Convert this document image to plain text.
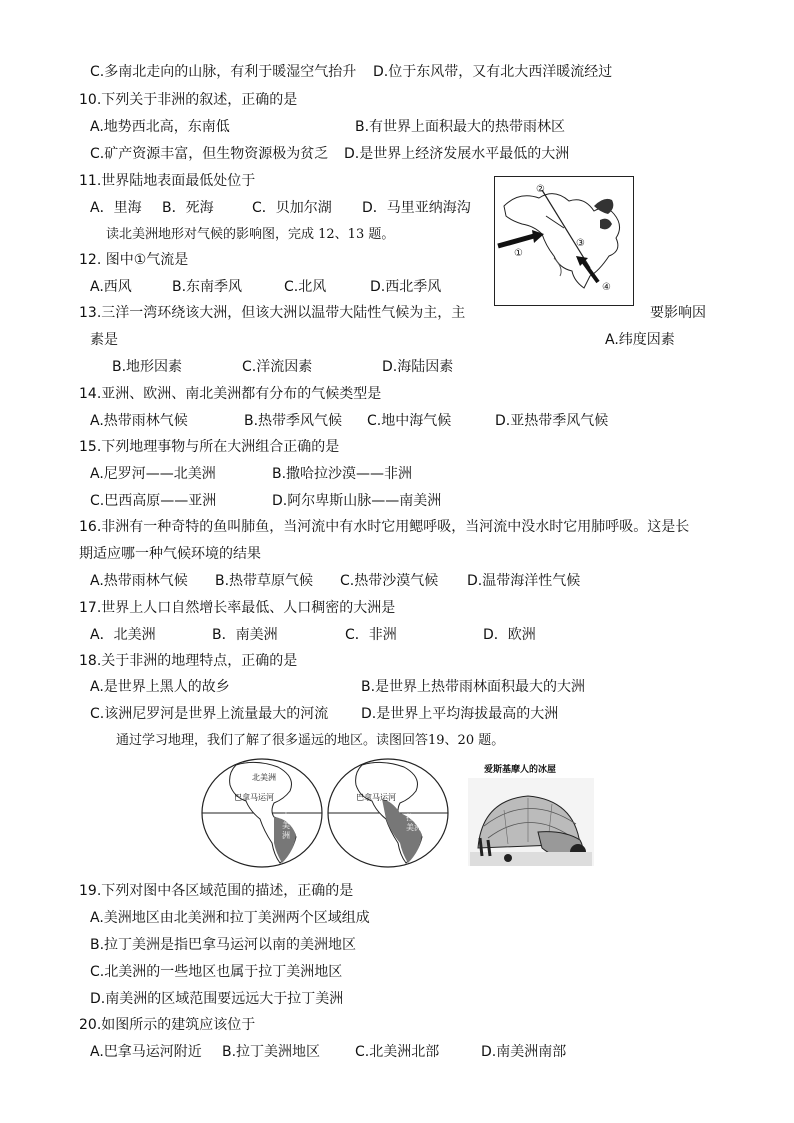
C.多南北走向的山脉，有利于暖湿空气抬升 D.位于东风带，又有北大西洋暖流经过
10.下列关于非洲的叙述，正确的是
A.地势西北高，东南低	B.有世界上面积最大的热带雨林区
C.矿产资源丰富，但生物资源极为贫乏 D.是世界上经济发展水平最低的大洲
11.世界陆地表面最低处位于
A．里海 B．死海	C．贝加尔湖 D．马里亚纳海沟
读北美洲地形对气候的影响图，完成 12、13 题。
12. 图中①气流是
A.西风	B.东南季风	C.北风	D.西北季风
①
②
③
④
13.三洋一湾环绕该大洲，但该大洲以温带大陆性气候为主，主	要影响因
素是	A.纬度因素
B.地形因素	C.洋流因素	D.海陆因素
14.亚洲、欧洲、南北美洲都有分布的气候类型是
A.热带雨林气候	B.热带季风气候 C.地中海气候	D.亚热带季风气候
15.下列地理事物与所在大洲组合正确的是
A.尼罗河——北美洲	B.撒哈拉沙漠——非洲
C.巴西高原——亚洲	D.阿尔卑斯山脉——南美洲
16.非洲有一种奇特的鱼叫肺鱼，当河流中有水时它用鳃呼吸，当河流中没水时它用肺呼吸。这是长
期适应哪一种气候环境的结果
A.热带雨林气候 B.热带草原气候 C.热带沙漠气候 D.温带海洋性气候
17.世界上人口自然增长率最低、人口稠密的大洲是
A．北美洲	B．南美洲	C．非洲	D．欧洲
18.关于非洲的地理特点，正确的是
A.是世界上黑人的故乡	B.是世界上热带雨林面积最大的大洲
C.该洲尼罗河是世界上流量最大的河流 D.是世界上平均海拔最高的大洲
通过学习地理，我们了解了很多遥远的地区。读图回答19、20 题。
巴拿马运河
北美洲
南美洲
巴拿马运河
拉丁美洲
爱斯基摩人的冰屋
19.下列对图中各区域范围的描述，正确的是
A.美洲地区由北美洲和拉丁美洲两个区域组成
B.拉丁美洲是指巴拿马运河以南的美洲地区
C.北美洲的一些地区也属于拉丁美洲地区
D.南美洲的区域范围要远远大于拉丁美洲
20.如图所示的建筑应该位于
A.巴拿马运河附近 B.拉丁美洲地区 C.北美洲北部	D.南美洲南部
